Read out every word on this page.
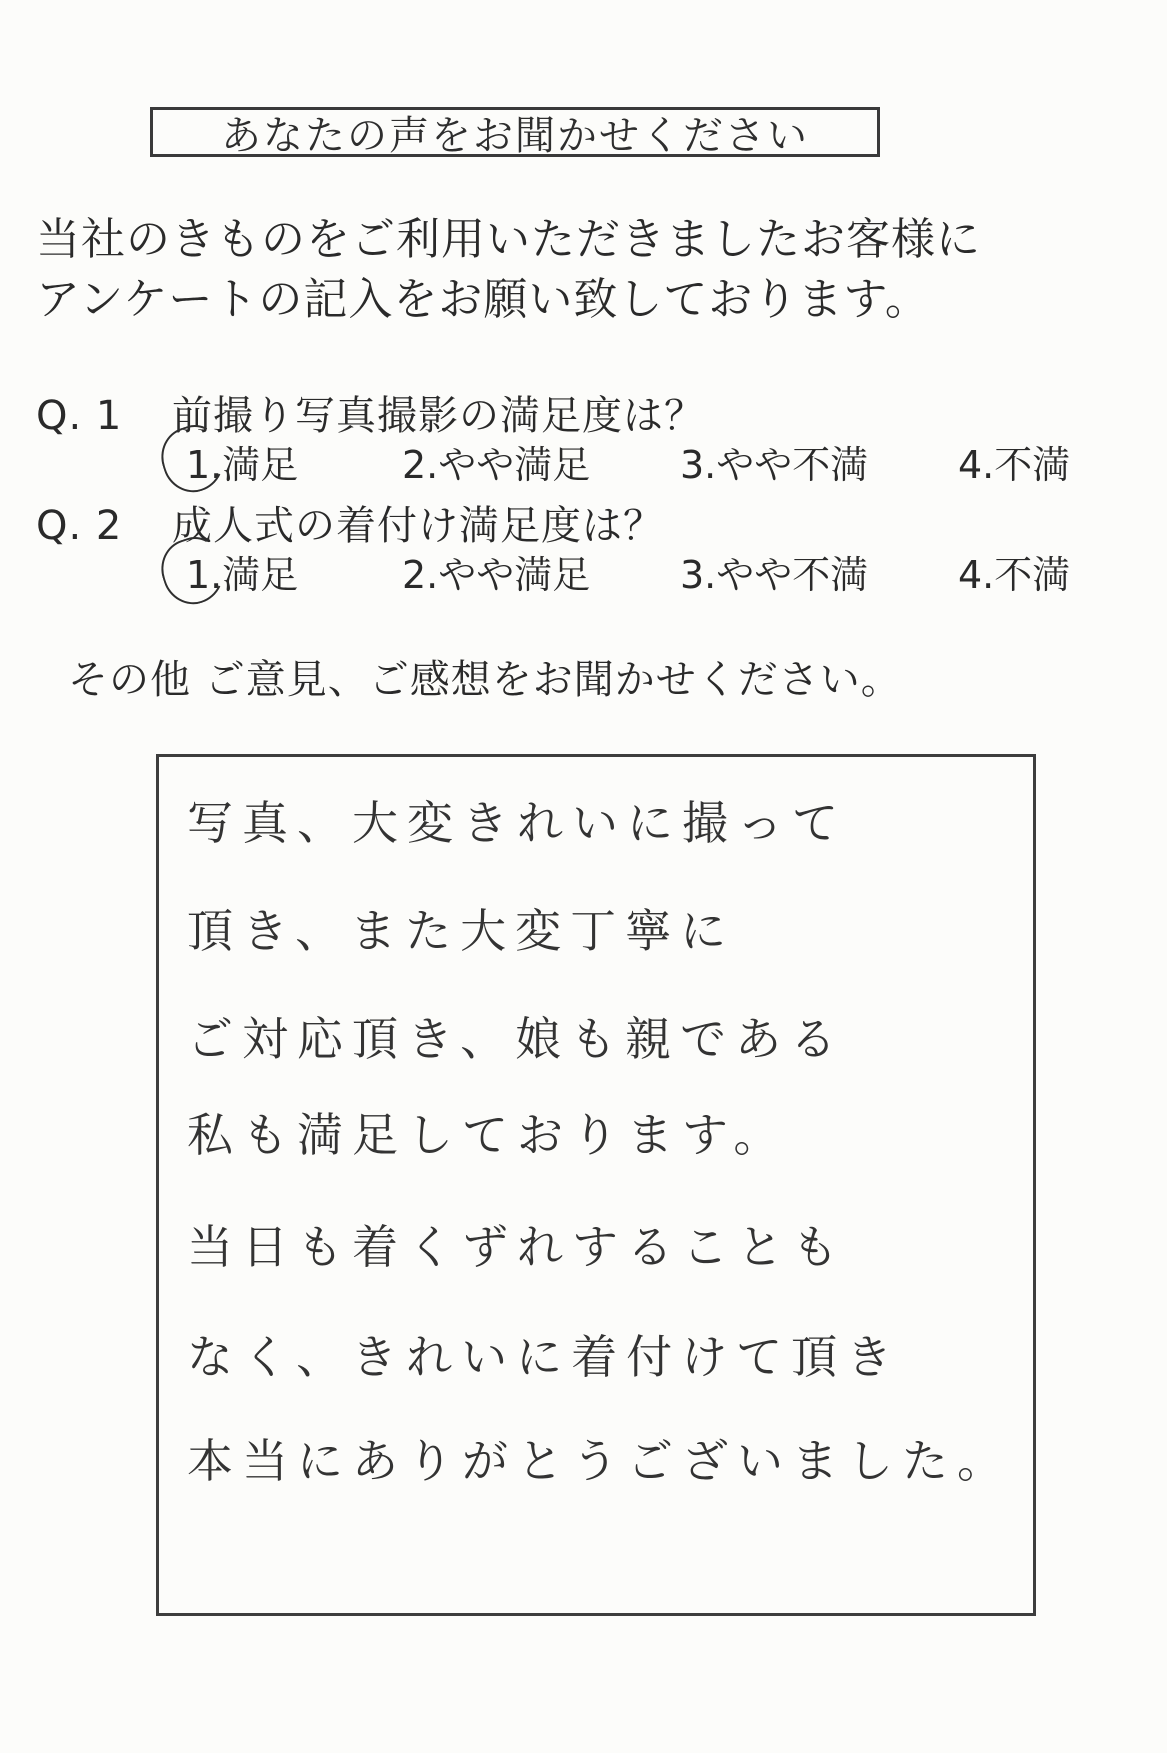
あなたの声をお聞かせください
当社のきものをご利用いただきましたお客様に
アンケートの記入をお願い致しております。
Q. 1 前撮り写真撮影の満足度は？
1.満足	2.やや満足 3.やや不満 4.不満
Q. 2 成人式の着付け満足度は？
1.満足	2.やや満足 3.やや不満 4.不満
その他 ご意見、ご感想をお聞かせください。
写真、大変きれいに撮って
頂き、また大変丁寧に
ご対応頂き、娘も親である
私も満足しております。
当日も着くずれすることも
なく、きれいに着付けて頂き
本当にありがとうございました。
